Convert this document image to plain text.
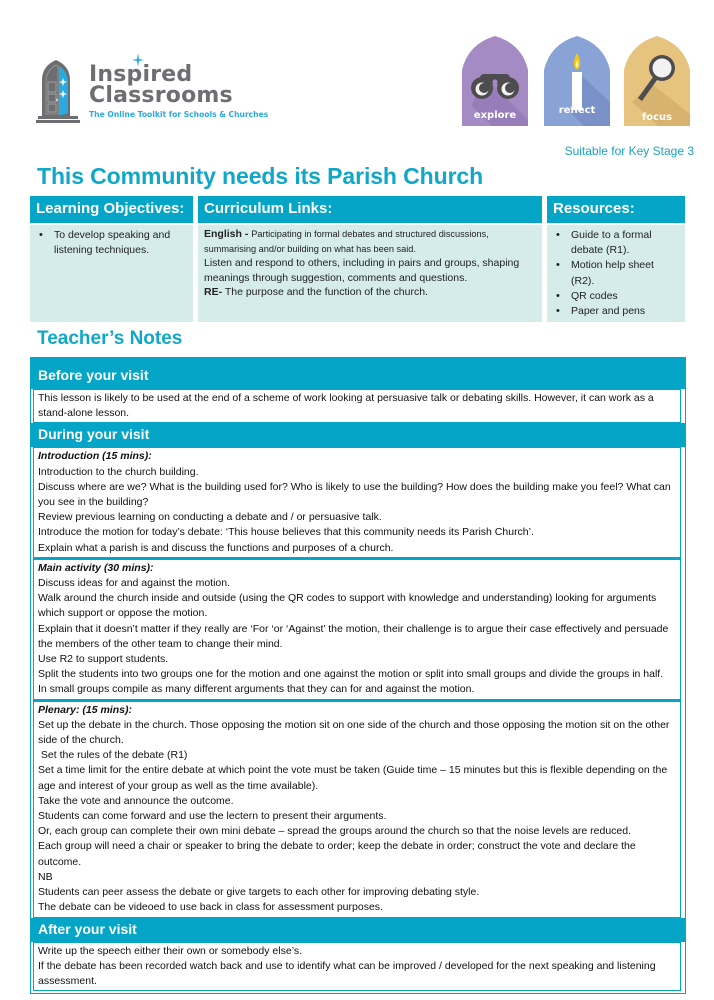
Inspired
Classrooms
The Online Toolkit for Schools & Churches	explore	reflect
focus
Suitable for Key Stage 3
This Community needs its Parish Church
Learning Objectives:
• To develop speaking and listening techniques.
Curriculum Links:
English - Participating in formal debates and structured discussions, summarising and/or building on what has been said.
Listen and respond to others, including in pairs and groups, shaping meanings through suggestion, comments and questions.
RE- The purpose and the function of the church.
Resources:
• Guide to a formal debate (R1).
• Motion help sheet (R2).
• QR codes
• Paper and pens
Teacher’s Notes
Before your visit
This lesson is likely to be used at the end of a scheme of work looking at persuasive talk or debating skills. However, it can work as a stand-alone lesson.
During your visit
Introduction (15 mins):
Introduction to the church building.
Discuss where are we? What is the building used for? Who is likely to use the building? How does the building make you feel? What can you see in the building?
Review previous learning on conducting a debate and / or persuasive talk.
Introduce the motion for today’s debate: ‘This house believes that this community needs its Parish Church’.
Explain what a parish is and discuss the functions and purposes of a church.
Main activity (30 mins):
Discuss ideas for and against the motion.
Walk around the church inside and outside (using the QR codes to support with knowledge and understanding) looking for arguments which support or oppose the motion.
Explain that it doesn’t matter if they really are ‘For ‘or ‘Against’ the motion, their challenge is to argue their case effectively and persuade the members of the other team to change their mind.
Use R2 to support students.
Split the students into two groups one for the motion and one against the motion or split into small groups and divide the groups in half.
In small groups compile as many different arguments that they can for and against the motion.
Plenary: (15 mins):
Set up the debate in the church. Those opposing the motion sit on one side of the church and those opposing the motion sit on the other side of the church.
Set the rules of the debate (R1)
Set a time limit for the entire debate at which point the vote must be taken (Guide time – 15 minutes but this is flexible depending on the age and interest of your group as well as the time available).
Take the vote and announce the outcome.
Students can come forward and use the lectern to present their arguments.
Or, each group can complete their own mini debate – spread the groups around the church so that the noise levels are reduced.
Each group will need a chair or speaker to bring the debate to order; keep the debate in order; construct the vote and declare the outcome.
NB
Students can peer assess the debate or give targets to each other for improving debating style.
The debate can be videoed to use back in class for assessment purposes.
After your visit
Write up the speech either their own or somebody else’s.
If the debate has been recorded watch back and use to identify what can be improved / developed for the next speaking and listening assessment.
